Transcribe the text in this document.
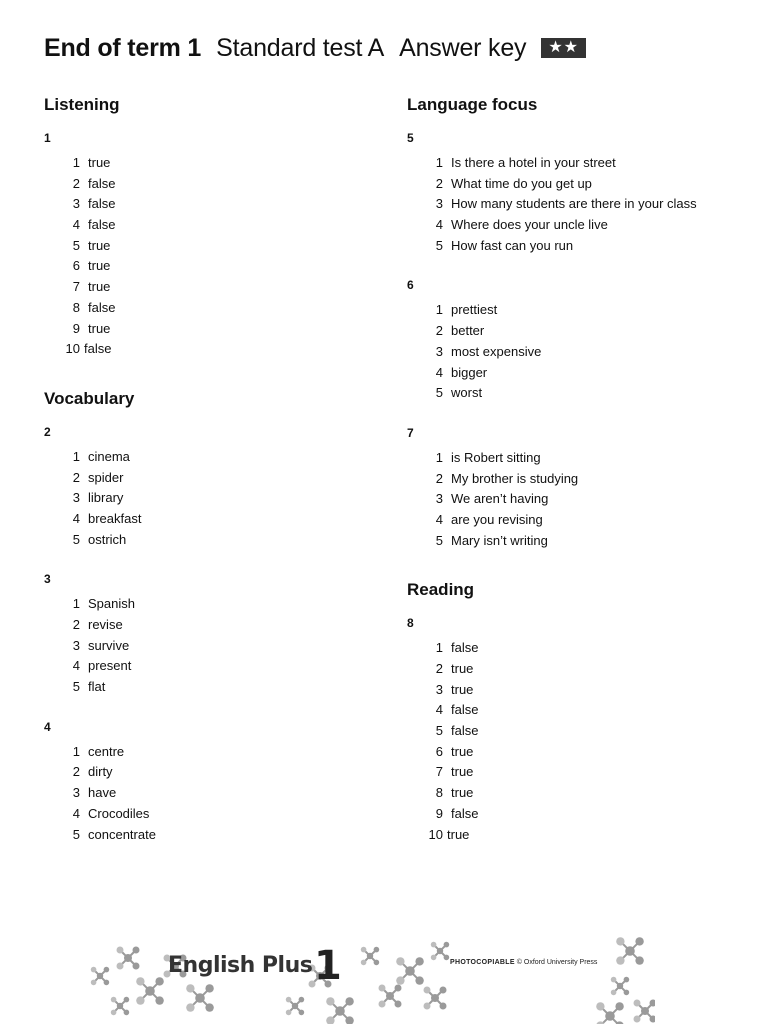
End of term 1 Standard test A Answer key	★★
Listening
1
1 true
2 false
3 false
4 false
5 true
6 true
7 true
8 false
9 true
10 false
Vocabulary
2
1 cinema
2 spider
3 library
4 breakfast
5 ostrich
3
1 Spanish
2 revise
3 survive
4 present
5 flat
4
1 centre
2 dirty
3 have
4 Crocodiles
5 concentrate
Language focus
5
1 Is there a hotel in your street
2 What time do you get up
3 How many students are there in your class
4 Where does your uncle live
5 How fast can you run
6
1 prettiest
2 better
3 most expensive
4 bigger
5 worst
7
1 is Robert sitting
2 My brother is studying
3 We aren’t having
4 are you revising
5 Mary isn’t writing
Reading
8
1 false
2 true
3 true
4 false
5 false
6 true
7 true
8 true
9 false
10 true
English Plus 1	PHOTOCOPIABLE © Oxford University Press
